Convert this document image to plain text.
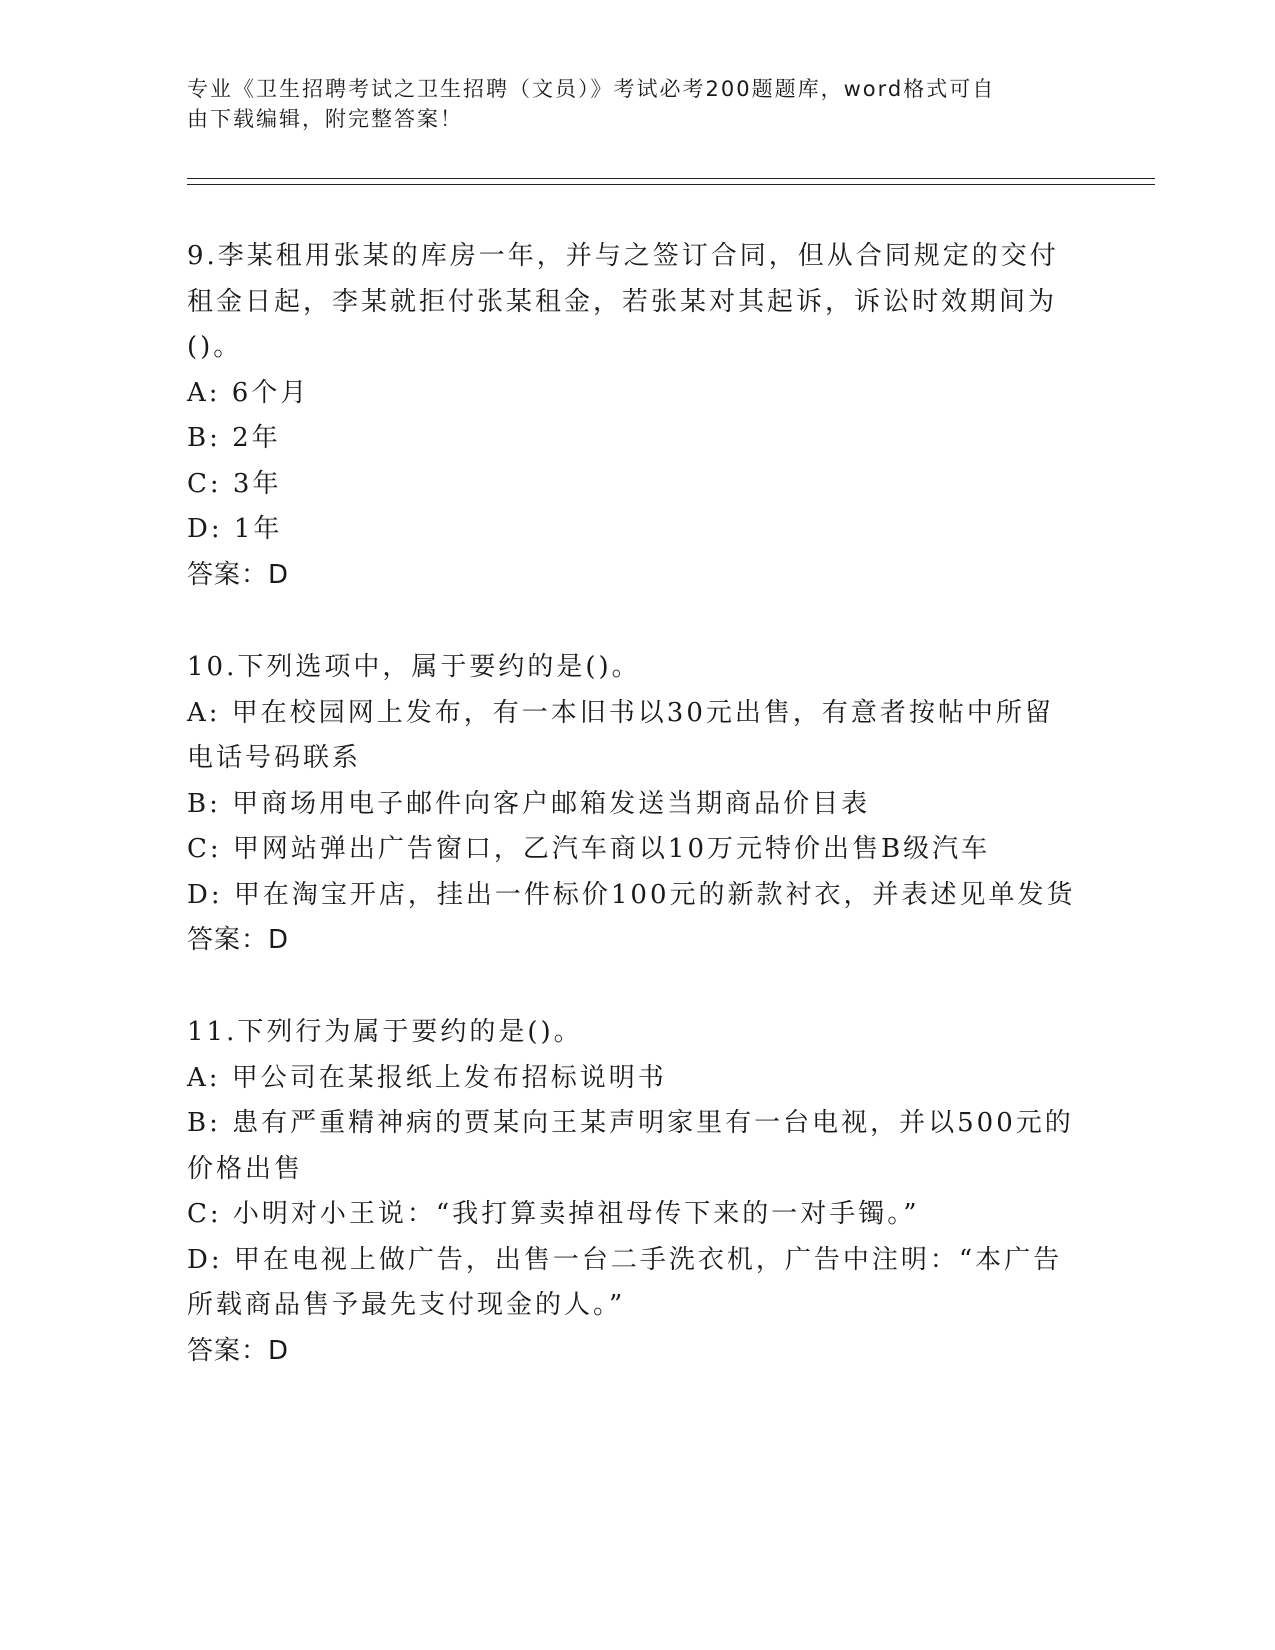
专业《卫生招聘考试之卫生招聘（文员）》考试必考200题题库，word格式可自
由下载编辑，附完整答案！
9.李某租用张某的库房一年，并与之签订合同，但从合同规定的交付
租金日起，李某就拒付张某租金，若张某对其起诉，诉讼时效期间为
()。
A: 6个月
B: 2年
C: 3年
D: 1年
答案：D
10.下列选项中，属于要约的是()。
A: 甲在校园网上发布，有一本旧书以30元出售，有意者按帖中所留
电话号码联系
B: 甲商场用电子邮件向客户邮箱发送当期商品价目表
C: 甲网站弹出广告窗口，乙汽车商以10万元特价出售B级汽车
D: 甲在淘宝开店，挂出一件标价100元的新款衬衣，并表述见单发货
答案：D
11.下列行为属于要约的是()。
A: 甲公司在某报纸上发布招标说明书
B: 患有严重精神病的贾某向王某声明家里有一台电视，并以500元的
价格出售
C: 小明对小王说：“我打算卖掉祖母传下来的一对手镯。”
D: 甲在电视上做广告，出售一台二手洗衣机，广告中注明：“本广告
所载商品售予最先支付现金的人。”
答案：D
